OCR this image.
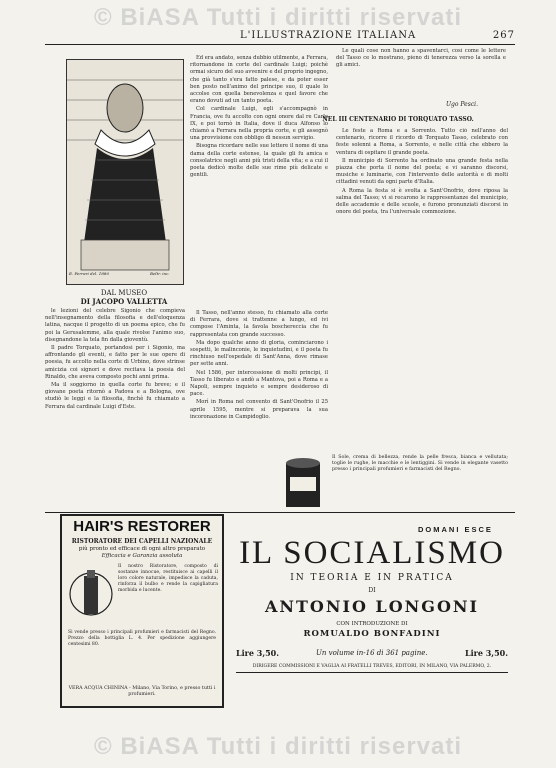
© BiASA Tutti i diritti riservati
© BiASA Tutti i diritti riservati
L'ILLUSTRAZIONE ITALIANA	267
E. Ferrari del. 1880	Beltr. inc.
DAL MUSEO
DI JACOPO VALLETTA

Ed era andato, senza dubbio utilmente, a Ferrara, ritornandone in corte del cardinale Luigi; poichè ormai sicuro del suo avvenire e del proprio ingegno, che già tanto s'era fatto palese, e da poter esser ben posto nell'animo del principe suo, il quale lo accolse con quella benevolenza e quel favore che erano dovuti ad un tanto poeta.

Col cardinale Luigi, egli s'accompagnò in Francia, ove fu accolto con ogni onore dal re Carlo IX, e poi tornò in Italia, dove il duca Alfonso lo chiamò a Ferrara nella propria corte, e gli assegnò una provvisione con obbligo di nessun servigio.

Bisogna ricordare nelle sue lettere il nome di una dama della corte estense, la quale gli fu amica e consolatrice negli anni più tristi della vita; e a cui il poeta dedicò molte delle sue rime più delicate e gentili.

Le quali cose non hanno a spaventarci, così come le lettere del Tasso ce lo mostrano, pieno di tenerezza verso la sorella e gli amici.

Ugo Pesci.
NEL III CENTENARIO DI TORQUATO TASSO.

le lezioni del celebre Sigonio che compieva nell'insegnamento della filosofia e dell'eloquenza latina, nacque il progetto di un poema epico, che fu poi la Gerusalemme, alla quale rivolse l'animo suo, disegnandone la tela fin dalla gioventù.

Il padre Torquato, portandosi per i Sigonio, ma affrontando gli eventi, e fatto per le sue opere di poesia, fu accolto nella corte di Urbino, dove strinse amicizia coi signori e dove recitava la poesia del Rinaldo, che aveva composto pochi anni prima.

Ma il soggiorno in quella corte fu breve; e il giovane poeta ritornò a Padova e a Bologna, ove studiò le leggi e la filosofia, finchè fu chiamato a Ferrara dal cardinale Luigi d'Este.

Il Tasso, nell'anno stesso, fu chiamato alla corte di Ferrara, dove si trattenne a lungo, ed ivi compose l'Aminta, la favola boschereccia che fu rappresentata con grande successo.

Ma dopo qualche anno di gloria, cominciarono i sospetti, le malinconie, le inquietudini, e il poeta fu rinchiuso nell'ospedale di Sant'Anna, dove rimase per sette anni.

Nel 1586, per intercessione di molti principi, il Tasso fu liberato e andò a Mantova, poi a Roma e a Napoli, sempre inquieto e sempre desideroso di pace.

Morì in Roma nel convento di Sant'Onofrio il 25 aprile 1595, mentre si preparava la sua incoronazione in Campidoglio.

Le feste a Roma e a Sorrento. Tutto ciò nell'anno del centenario, ricorre il ricordo di Torquato Tasso, celebrato con feste solenni a Roma, a Sorrento, e nelle città che ebbero la ventura di ospitare il grande poeta.

Il municipio di Sorrento ha ordinato una grande festa nella piazza che porta il nome del poeta; e vi saranno discorsi, musiche e luminarie, con l'intervento delle autorità e di molti cittadini venuti da ogni parte d'Italia.

A Roma la festa si è svolta a Sant'Onofrio, dove riposa la salma del Tasso; vi si recarono le rappresentanze del municipio, delle accademie e delle scuole, e furono pronunziati discorsi in onore del poeta, tra l'universale commozione.

Il Sole, crema di bellezza, rende la pelle fresca, bianca e vellutata; toglie le rughe, le macchie e le lentiggini. Si vende in elegante vasetto presso i principali profumieri e farmacisti del Regno.
HAIR'S RESTORER
RISTORATORE DEI CAPELLI NAZIONALE
più pronto ed efficace di ogni altro preparato
Efficacia e Garanzia assoluta
Il nostro Ristoratore, composto di sostanze innocue, restituisce ai capelli il loro colore naturale, impedisce la caduta, rinforza il bulbo e rende la capigliatura morbida e lucente.
Si vende presso i principali profumieri e farmacisti del Regno. Prezzo della bottiglia L. 4. Per spedizione aggiungere centesimi 80.
VERA ACQUA CHININA - Milano, Via Torino, e presso tutti i profumieri.
DOMANI ESCE
IL SOCIALISMO
IN TEORIA E IN PRATICA
DI
ANTONIO LONGONI
CON INTRODUZIONE DI
ROMUALDO BONFADINI
Lire 3,50.	Un volume in-16 di 361 pagine.	Lire 3,50.
DIRIGERE COMMISSIONI E VAGLIA AI FRATELLI TREVES, EDITORI, IN MILANO, VIA PALERMO, 2.
